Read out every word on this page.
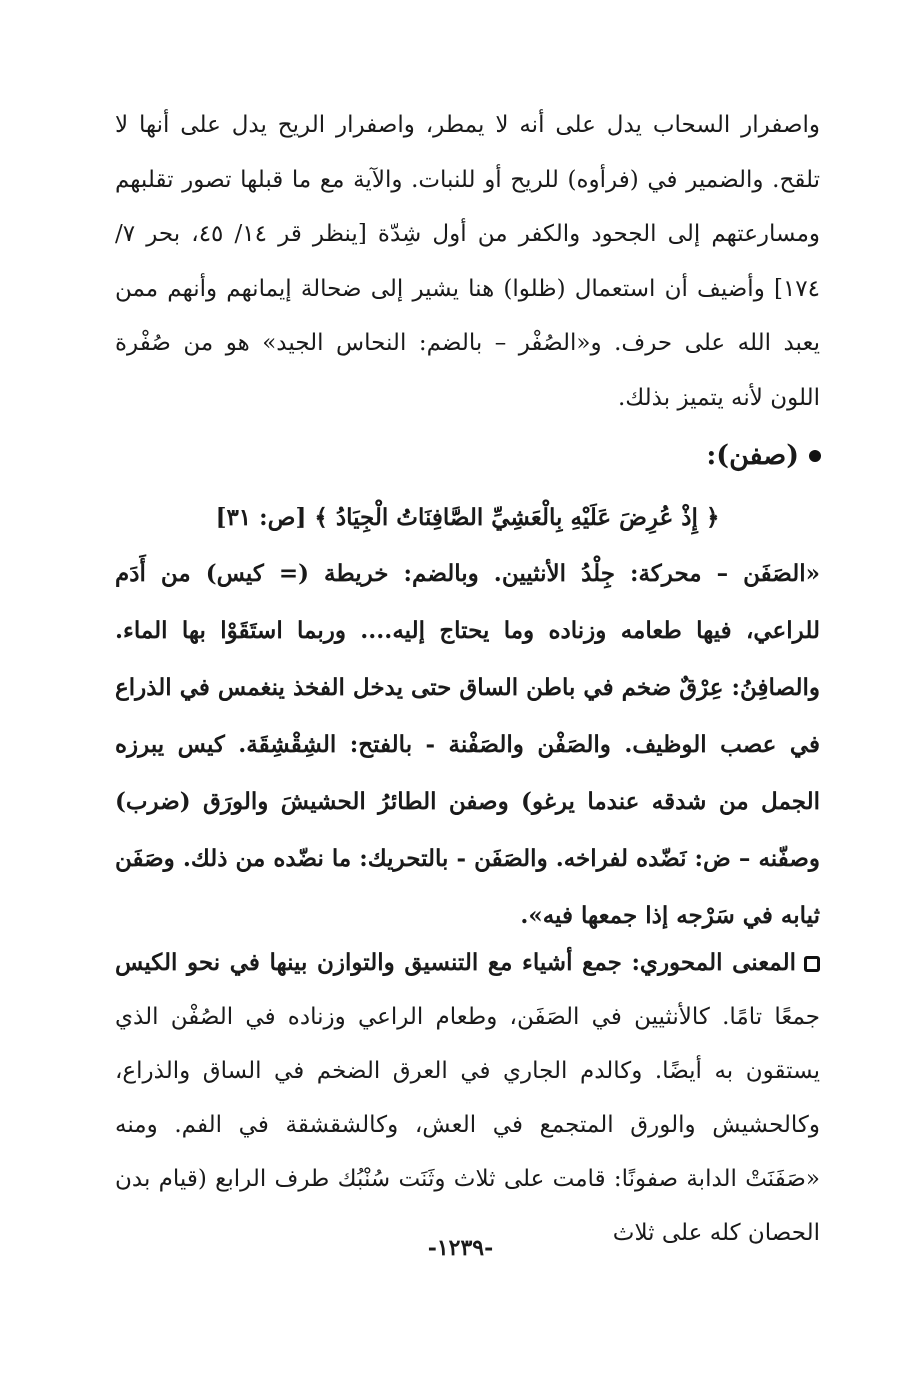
واصفرار السحاب يدل على أنه لا يمطر، واصفرار الريح يدل على أنها لا تلقح. والضمير في (فرأوه) للريح أو للنبات. والآية مع ما قبلها تصور تقلبهم ومسارعتهم إلى الجحود والكفر من أول شِدّة [ينظر قر ١٤/ ٤٥، بحر ٧/ ١٧٤] وأضيف أن استعمال (ظلوا) هنا يشير إلى ضحالة إيمانهم وأنهم ممن يعبد الله على حرف. و«الصُفْر – بالضم: النحاس الجيد» هو من صُفْرة اللون لأنه يتميز بذلك.
(صفن):
﴿ إِذْ عُرِضَ عَلَيْهِ بِالْعَشِيِّ الصَّافِنَاتُ الْجِيَادُ ﴾ [ص: ٣١]
«الصَفَن – محركة: جِلْدُ الأنثيين. وبالضم: خريطة (= كيس) من أَدَم للراعي، فيها طعامه وزناده وما يحتاج إليه.... وربما استَقَوْا بها الماء. والصافِنُ: عِرْقٌ ضخم في باطن الساق حتى يدخل الفخذ ينغمس في الذراع في عصب الوظيف. والصَفْن والصَفْنة - بالفتح: الشِقْشِقَة. كيس يبرزه الجمل من شدقه عندما يرغو) وصفن الطائرُ الحشيشَ والورَق (ضرب) وصفّنه – ض: نَضّده لفراخه. والصَفَن - بالتحريك: ما نضّده من ذلك. وصَفَن ثيابه في سَرْجه إذا جمعها فيه».
المعنى المحوري: جمع أشياء مع التنسيق والتوازن بينها في نحو الكيس جمعًا تامًا. كالأنثيين في الصَفَن، وطعام الراعي وزناده في الصُفْن الذي يستقون به أيضًا. وكالدم الجاري في العرق الضخم في الساق والذراع، وكالحشيش والورق المتجمع في العش، وكالشقشقة في الفم. ومنه «صَفَنَتْ الدابة صفونًا: قامت على ثلاث وثَنَت سُنْبُك طرف الرابع (قيام بدن الحصان كله على ثلاث
-١٢٣٩-
